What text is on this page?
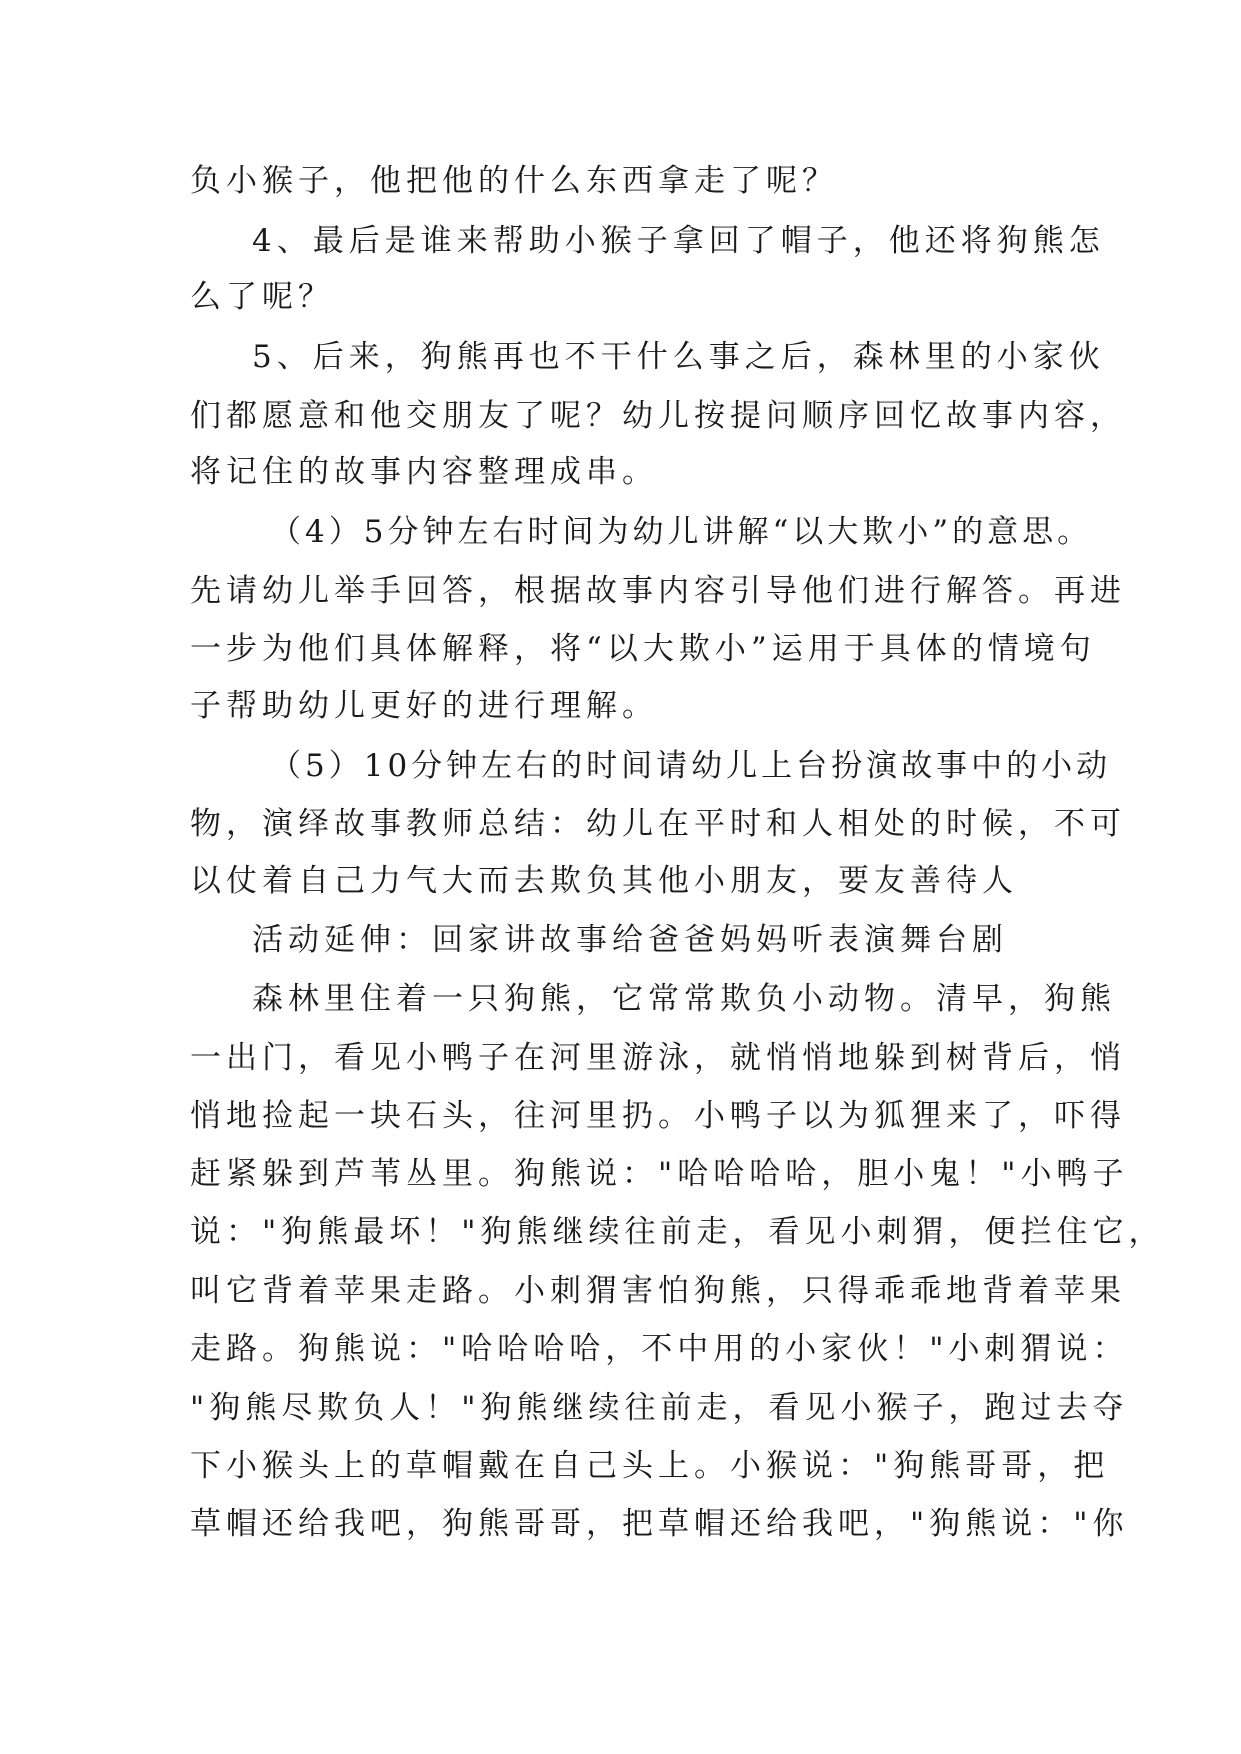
负小猴子，他把他的什么东西拿走了呢？
4、最后是谁来帮助小猴子拿回了帽子，他还将狗熊怎
么了呢？
5、后来，狗熊再也不干什么事之后，森林里的小家伙
们都愿意和他交朋友了呢？幼儿按提问顺序回忆故事内容，
将记住的故事内容整理成串。
（4）5分钟左右时间为幼儿讲解“以大欺小”的意思。
先请幼儿举手回答，根据故事内容引导他们进行解答。再进
一步为他们具体解释，将“以大欺小”运用于具体的情境句
子帮助幼儿更好的进行理解。
（5）10分钟左右的时间请幼儿上台扮演故事中的小动
物，演绎故事教师总结：幼儿在平时和人相处的时候，不可
以仗着自己力气大而去欺负其他小朋友，要友善待人
活动延伸：回家讲故事给爸爸妈妈听表演舞台剧
森林里住着一只狗熊，它常常欺负小动物。清早，狗熊
一出门，看见小鸭子在河里游泳，就悄悄地躲到树背后，悄
悄地捡起一块石头，往河里扔。小鸭子以为狐狸来了，吓得
赶紧躲到芦苇丛里。狗熊说："哈哈哈哈，胆小鬼！"小鸭子
说："狗熊最坏！"狗熊继续往前走，看见小刺猬，便拦住它，
叫它背着苹果走路。小刺猬害怕狗熊，只得乖乖地背着苹果
走路。狗熊说："哈哈哈哈，不中用的小家伙！"小刺猬说：
"狗熊尽欺负人！"狗熊继续往前走，看见小猴子，跑过去夺
下小猴头上的草帽戴在自己头上。小猴说："狗熊哥哥，把
草帽还给我吧，狗熊哥哥，把草帽还给我吧，"狗熊说："你
